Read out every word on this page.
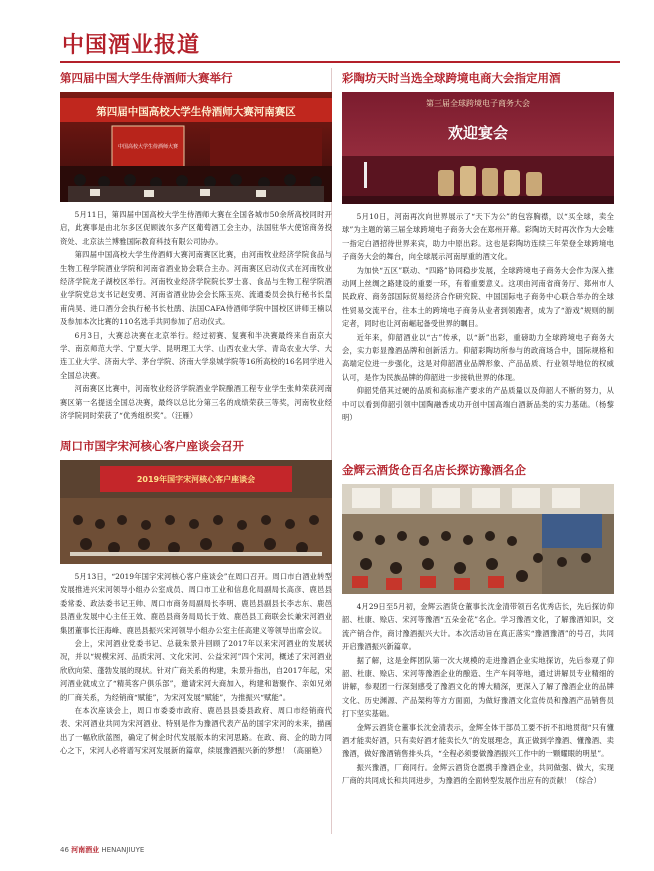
中国酒业报道
第四届中国大学生侍酒师大赛举行
第四届中国高校大学生侍酒师大赛河南赛区
中国高校大学生侍酒师大赛

5月11日，第四届中国高校大学生侍酒师大赛在全国各城市50余所高校同时开启，此赛事是由北尔多区促顾波尔多产区葡萄酒工会主办，法国驻华大使馆商务投资处、北京法兰博雅国际教育科技有限公司协办。

第四届中国高校大学生侍酒师大赛河南赛区比赛，由河南牧业经济学院食品与生物工程学院酒业学院和河南省酒业协会联合主办。河南赛区启动仪式在河南牧业经济学院龙子湖校区举行。河南牧业经济学院院长罗士喜、食品与生物工程学院酒业学院党总支书记赵安勇、河南省酒业协会会长陈玉亮、流通委员会执行秘书长皇甫尚昊、进口酒分会执行秘书长杜鹃、法国CAFA侍酒师学院中国校区讲师王楠以及参加本次比赛的110名选手共同参加了启动仪式。

6月3日，大赛总决赛在北京举行。经过初赛、复赛和半决赛最终来自南京大学、南京师范大学、宁夏大学、昆明理工大学、山西农业大学、青岛农业大学、大连工业大学、济南大学、茅台学院、济南大学泉城学院等16所高校的16名同学进入全国总决赛。

河南赛区比赛中，河南牧业经济学院酒业学院酿酒工程专业学生张帅荣获河南赛区第一名提送全国总决赛，最终以总比分第三名的成绩荣获三等奖，河南牧业经济学院同时荣获了“优秀组织奖”。（汪雁）

周口市国字宋河核心客户座谈会召开
2019年国字宋河核心客户座谈会

5月13日，“2019年国字宋河核心客户座谈会”在周口召开。周口市白酒业转型发展推进兴宋河领导小组办公室成员、周口市工业和信息化局副局长高彦、鹿邑县委常委、政法委书记王帅、周口市商务局副局长李明、鹿邑县副县长李志东、鹿邑县酒业发展中心主任王效、鹿邑县商务局局长于效、鹿邑县工商联会长兼宋河酒业集团董事长汪海峰、鹿邑县振兴宋河领导小组办公室主任高建义等领导出席会议。

会上，宋河酒业党委书记、总裁朱景升回顾了2017年以来宋河酒业的发展状况，并以“规模宋河、品质宋河、文化宋河、公益宋河”四个宋河，概述了宋河酒业欣欣向荣、蓬勃发展的现状。针对广商关系的构建，朱景升指出，自2017年起，宋河酒业就成立了“精英客户俱乐部”，邀请宋河大商加入，构建和谐聚作、亲如兄弟的厂商关系，为经销商“赋能”，为宋河发展“赋能”，为推振兴“赋能”。

在本次座谈会上，周口市委委市政府、鹿邑县县委县政府、周口市经销商代表、宋河酒业共同为宋河酒业、特别是作为豫酒代表产品的国字宋河的未来，描画出了一幅欣欣蓝图，确定了树企时代发展版本的宋河思路。在政、商、企的助力同心之下，宋河人必将谱写宋河发展新的篇章，续展豫酒振兴新的梦想！（高丽艳）

彩陶坊天时当选全球跨境电商大会指定用酒
第三届全球跨境电子商务大会
欢迎宴会

5月10日，河南再次向世界展示了“天下为公”的包容胸襟，以“买全球，卖全球”为主题的第三届全球跨境电子商务大会在郑州开幕。彩陶坊天时再次作为大会唯一指定白酒招待世界来宾，助力中原出彩。这也是彩陶坊连续三年荣登全球跨境电子商务大会的舞台，向全球展示河南厚重的酒文化。

为加快“五区”联动、“四路”协同稳步发展，全球跨境电子商务大会作为深入推动网上丝绸之路建设的重要一环，有着重要意义。这项由河南省商务厅、郑州市人民政府、商务部国际贸易经济合作研究院、中国国际电子商务中心联合举办的全球性贸易交流平台，往本土的跨境电子商务从业者到领跑者，成为了“游戏”规则的制定者，同时也让河南崛起备受世界的瞩目。

近年来，仰韶酒业以“古”传承，以“新”出彩，重磅助力全球跨境电子商务大会，实力彰显豫酒品牌和创新活力。仰韶彩陶坊所参与的政商场合中，国际规格和高端定位进一步强化，这是对仰韶酒业品牌形象、产品品质、行业领导地位的权威认可，是作为民族品牌的仰韶进一步接轨世界的体现。

仰韶凭借其过硬的品质和高标准产要求的产品质量以及仰韶人不断的努力，从中可以看到仰韶引领中国陶融香成功开创中国高端白酒新品类的实力基础。（杨黎明）

金辉云酒货仓百名店长探访豫酒名企

4月29日至5月初，金辉云酒货仓董事长沈金清带领百名优秀店长，先后探访仰韶、杜康、赊店、宋河等豫酒“五朵金花”名企。学习豫酒文化，了解豫酒知识，交流产销合作，商讨豫酒振兴大计。本次活动旨在真正落实“豫酒豫酒”的号召，共同开启豫酒振兴新篇章。

据了解，这是金辉团队第一次大规模的走进豫酒企业实地探访，先后参观了仰韶、杜康、赊店、宋河等豫酒企业的酿造、生产车间等地，通过讲解员专业精细的讲解，参观团一行深刻感受了豫酒文化的博大精深，更深入了解了豫酒企业的品牌文化、历史渊源、产品架构等方方面面，为做好豫酒文化宣传员和豫酒产品销售员打下坚实基础。

金辉云酒货仓董事长沈金清表示，金辉全体干部员工要不折不扣地贯彻“只有懂酒才能卖好酒，只有卖好酒才能卖长久”的发展理念，真正做到学豫酒、懂豫酒、卖豫酒，做好豫酒销售排头兵，“全程必须要做豫酒振兴工作中的一颗耀眼的明星”。

振兴豫酒，厂商同行。金辉云酒货仓愿携手豫酒企业，共同做强、做大，实现厂商的共同成长和共同进步，为豫酒的全面转型发展作出应有的贡献！（综合）

46 河南酒业 HENANJIUYE
